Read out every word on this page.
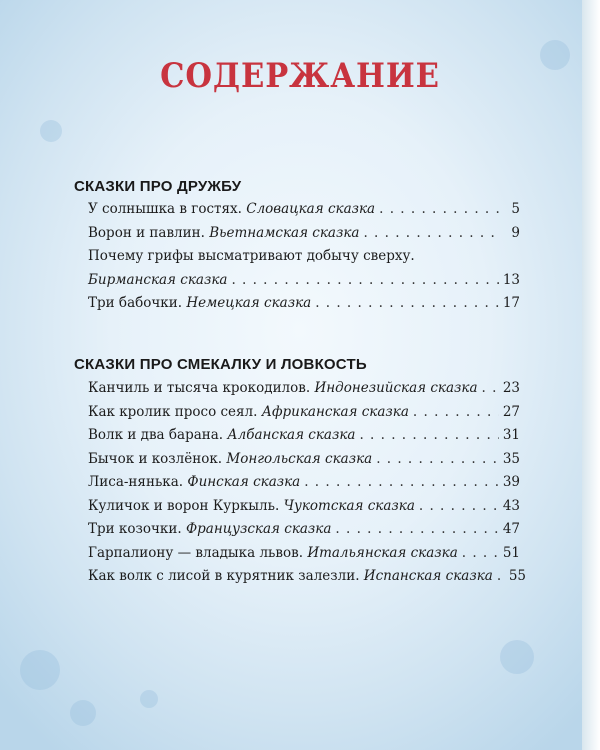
СОДЕРЖАНИЕ
СКАЗКИ ПРО ДРУЖБУ
У солнышка в гостях.
Словацкая сказка . . .	5
Ворон и павлин.
Вьетнамская сказка . . .	9
Почему грифы высматривают добычу сверху.
Бирманская сказка . . .	13
Три бабочки.
Немецкая сказка . . .	17
СКАЗКИ ПРО СМЕКАЛКУ И ЛОВКОСТЬ
Канчиль и тысяча крокодилов.
Индонезийская сказка . . . 23
Как кролик просо сеял.
Африканская сказка . . .	27
Волк и два барана.
Албанская сказка . . .	31
Бычок и козлёнок.
Монгольская сказка . . .	35
Лиса-нянька.
Финская сказка . . .	39
Куличок и ворон Куркыль.
Чукотская сказка . . .	43
Три козочки.
Французская сказка . . .	47
Гарпалиону — владыка львов.
Итальянская сказка . . .	51
Как волк с лисой в курятник залезли.
Испанская сказка . . . 55
